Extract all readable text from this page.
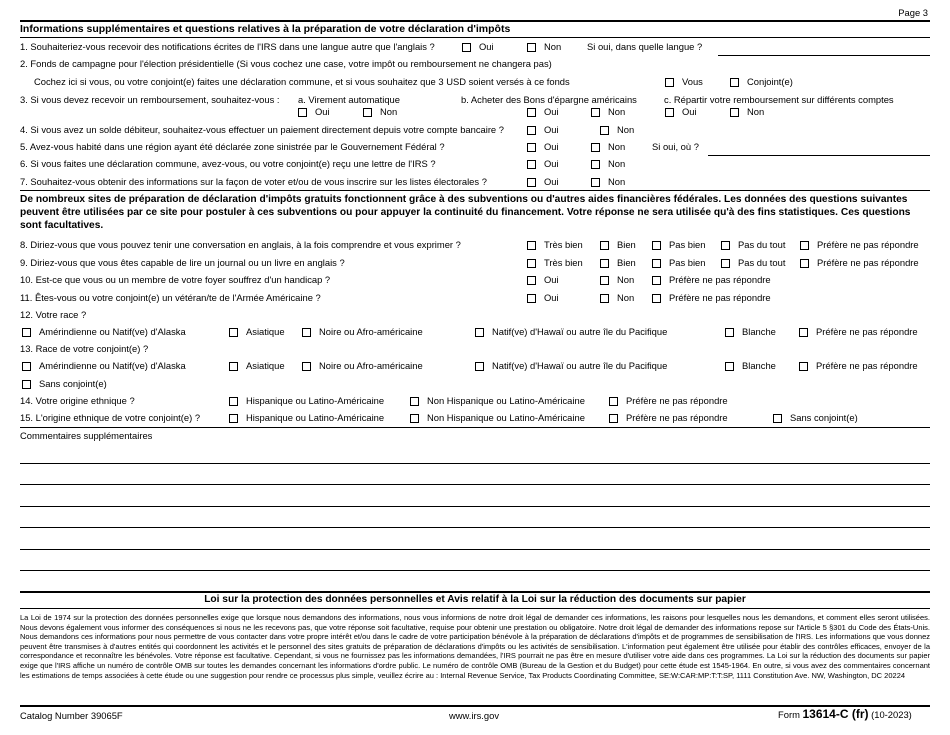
Page 3
Informations supplémentaires et questions relatives à la préparation de votre déclaration d'impôts
1. Souhaiteriez-vous recevoir des notifications écrites de l'IRS dans une langue autre que l'anglais ?	Oui	Non	Si oui, dans quelle langue ?
2. Fonds de campagne pour l'élection présidentielle (Si vous cochez une case, votre impôt ou remboursement ne changera pas)
Cochez ici si vous, ou votre conjoint(e) faites une déclaration commune, et si vous souhaitez que 3 USD soient versés à ce fonds	Vous	Conjoint(e)
3. Si vous devez recevoir un remboursement, souhaitez-vous : a. Virement automatique	b. Acheter des Bons d'épargne américains	c. Répartir votre remboursement sur différents comptes
Oui	Non	Oui	Non	Oui	Non
4. Si vous avez un solde débiteur, souhaitez-vous effectuer un paiement directement depuis votre compte bancaire ?	Oui	Non
5. Avez-vous habité dans une région ayant été déclarée zone sinistrée par le Gouvernement Fédéral ?	Oui	Non	Si oui, où ?
6. Si vous faites une déclaration commune, avez-vous, ou votre conjoint(e) reçu une lettre de l'IRS ?	Oui	Non
7. Souhaitez-vous obtenir des informations sur la façon de voter et/ou de vous inscrire sur les listes électorales ?	Oui	Non
De nombreux sites de préparation de déclaration d'impôts gratuits fonctionnent grâce à des subventions ou d'autres aides financières fédérales. Les données des questions suivantes peuvent être utilisées par ce site pour postuler à ces subventions ou pour appuyer la continuité du financement. Votre réponse ne sera utilisée qu'à des fins statistiques. Ces questions sont facultatives.
8. Diriez-vous que vous pouvez tenir une conversation en anglais, à la fois comprendre et vous exprimer ?	Très bien	Bien	Pas bien	Pas du tout	Préfère ne pas répondre
9. Diriez-vous que vous êtes capable de lire un journal ou un livre en anglais ?	Très bien	Bien	Pas bien	Pas du tout	Préfère ne pas répondre
10. Est-ce que vous ou un membre de votre foyer souffrez d'un handicap ?	Oui	Non	Préfère ne pas répondre
11. Êtes-vous ou votre conjoint(e) un vétéran/te de l'Armée Américaine ?	Oui	Non	Préfère ne pas répondre
12. Votre race ?
Amérindienne ou Natif(ve) d'Alaska	Asiatique	Noire ou Afro-américaine	Natif(ve) d'Hawaï ou autre île du Pacifique	Blanche	Préfère ne pas répondre
13. Race de votre conjoint(e) ?
Amérindienne ou Natif(ve) d'Alaska	Asiatique	Noire ou Afro-américaine	Natif(ve) d'Hawaï ou autre île du Pacifique	Blanche	Préfère ne pas répondre
Sans conjoint(e)
14. Votre origine ethnique ?	Hispanique ou Latino-Américaine	Non Hispanique ou Latino-Américaine	Préfère ne pas répondre
15. L'origine ethnique de votre conjoint(e) ?	Hispanique ou Latino-Américaine	Non Hispanique ou Latino-Américaine	Préfère ne pas répondre	Sans conjoint(e)
Commentaires supplémentaires
Loi sur la protection des données personnelles et Avis relatif à la Loi sur la réduction des documents sur papier
La Loi de 1974 sur la protection des données personnelles exige que lorsque nous demandons des informations, nous vous informions de notre droit légal de demander ces informations, les raisons pour lesquelles nous les demandons, et comment elles seront utilisées. Nous devons également vous informer des conséquences si nous ne les recevons pas, que votre réponse soit facultative, requise pour obtenir une prestation ou obligatoire. Notre droit légal de demander des informations repose sur l'Article 5 §301 du Code des États-Unis. Nous demandons ces informations pour nous permettre de vous contacter dans votre propre intérêt et/ou dans le cadre de votre participation bénévole à la préparation de déclarations d'impôts et de programmes de sensibilisation de l'IRS. Les informations que vous donnez peuvent être transmises à d'autres entités qui coordonnent les activités et le personnel des sites gratuits de préparation de déclarations d'impôts ou les activités de sensibilisation. L'information peut également être utilisée pour établir des contrôles efficaces, envoyer de la correspondance et reconnaître les bénévoles. Votre réponse est facultative. Cependant, si vous ne fournissez pas les informations demandées, l'IRS pourrait ne pas être en mesure d'utiliser votre aide dans ces programmes. La Loi sur la réduction des documents sur papier exige que l'IRS affiche un numéro de contrôle OMB sur toutes les demandes concernant les informations d'ordre public. Le numéro de contrôle OMB (Bureau de la Gestion et du Budget) pour cette étude est 1545-1964. En outre, si vous avez des commentaires concernant les estimations de temps associées à cette étude ou une suggestion pour rendre ce processus plus simple, veuillez écrire au : Internal Revenue Service, Tax Products Coordinating Committee, SE:W:CAR:MP:T:T:SP, 1111 Constitution Ave. NW, Washington, DC 20224
Catalog Number 39065F	www.irs.gov	Form 13614-C (fr) (10-2023)
